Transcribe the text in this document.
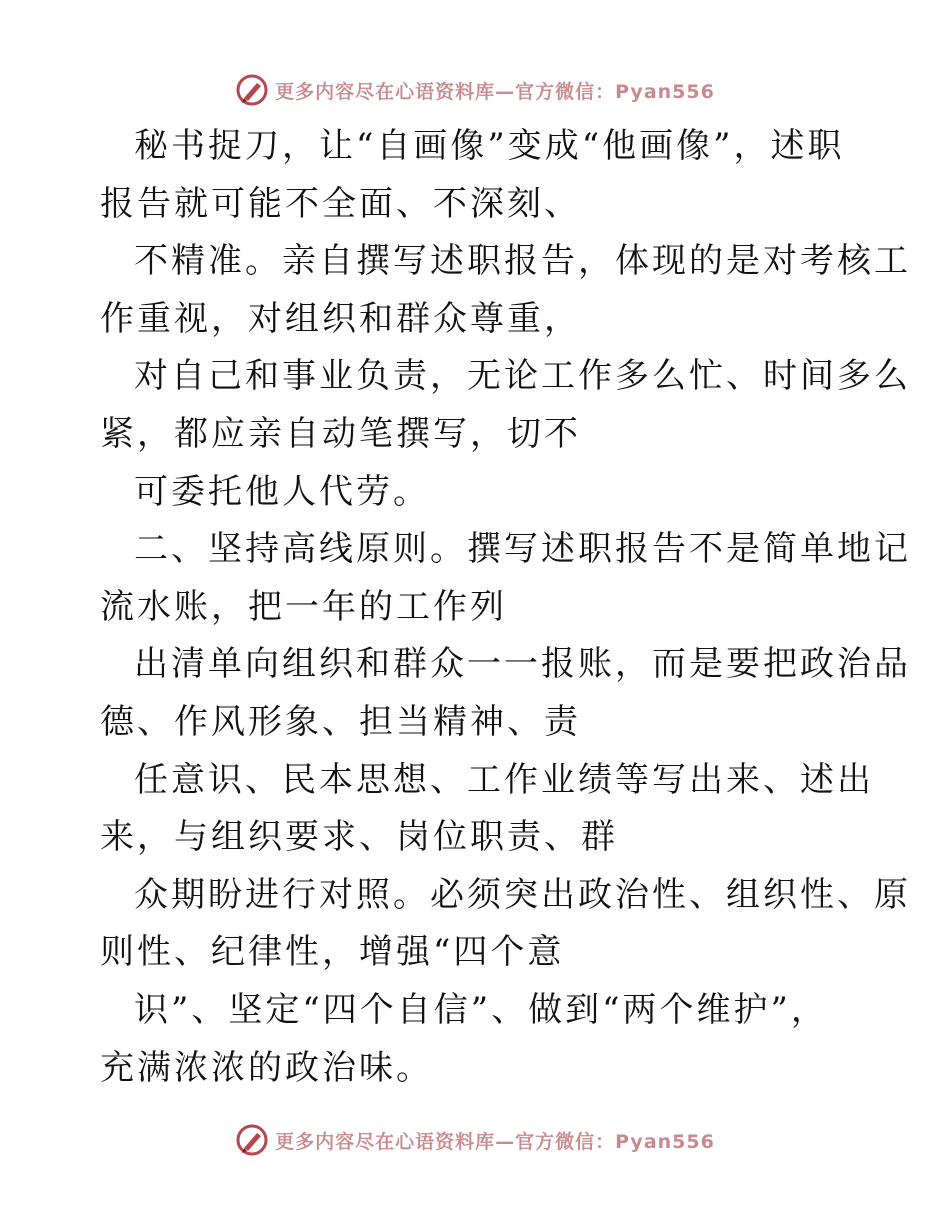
更多内容尽在心语资料库—官方微信：Pyan556
秘书捉刀，让“自画像”变成“他画像”，述职
报告就可能不全面、不深刻、
不精准。亲自撰写述职报告，体现的是对考核工
作重视，对组织和群众尊重，
对自己和事业负责，无论工作多么忙、时间多么
紧，都应亲自动笔撰写，切不
可委托他人代劳。
二、坚持高线原则。撰写述职报告不是简单地记
流水账，把一年的工作列
出清单向组织和群众一一报账，而是要把政治品
德、作风形象、担当精神、责
任意识、民本思想、工作业绩等写出来、述出
来，与组织要求、岗位职责、群
众期盼进行对照。必须突出政治性、组织性、原
则性、纪律性，增强“四个意
识”、坚定“四个自信”、做到“两个维护”，
充满浓浓的政治味。
更多内容尽在心语资料库—官方微信：Pyan556
